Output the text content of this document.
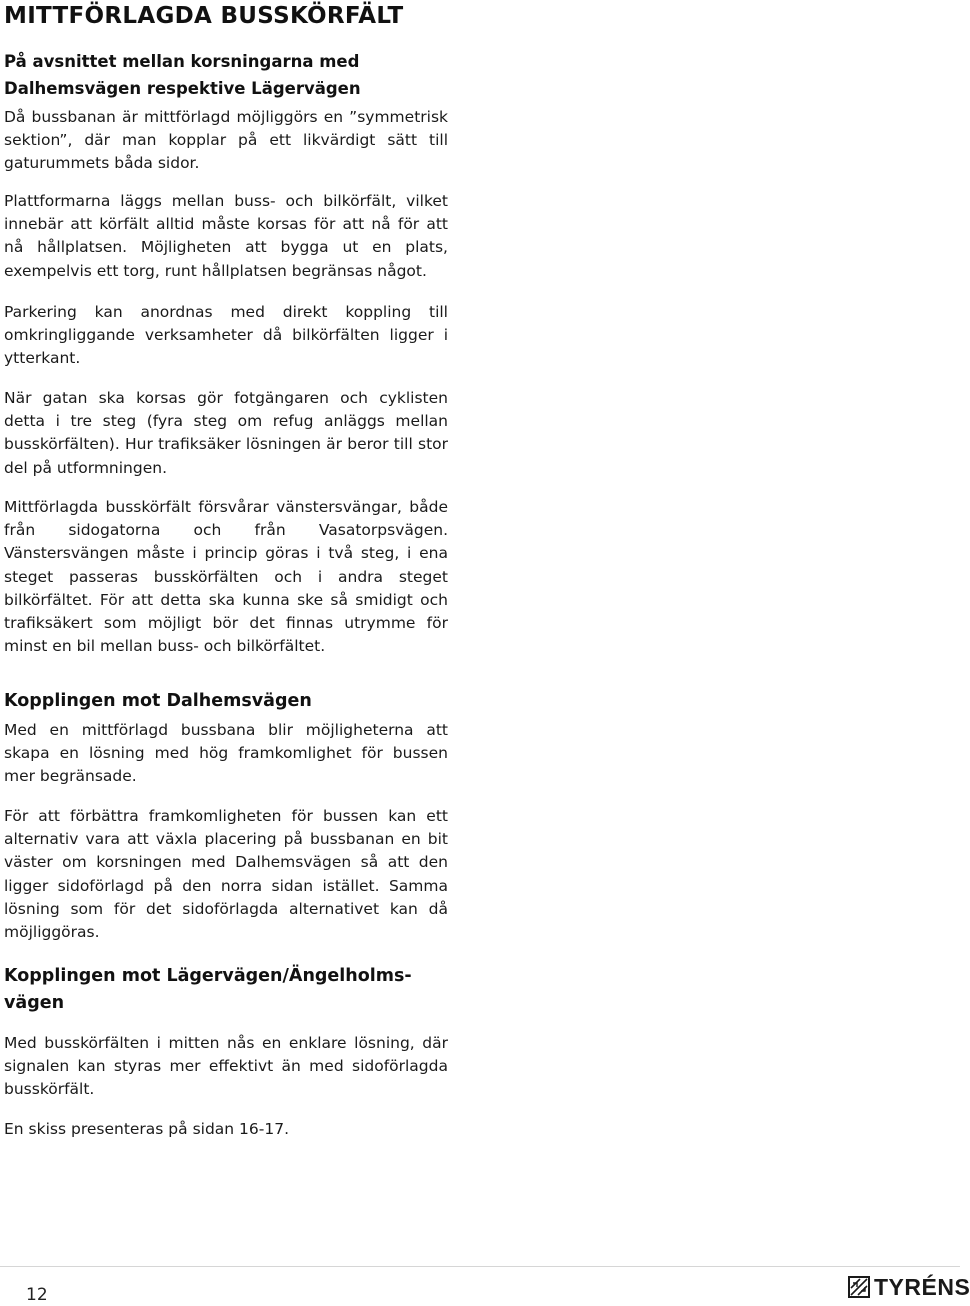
MITTFÖRLAGDA BUSSKÖRFÄLT
På avsnittet mellan korsningarna med
Dalhemsvägen respektive Lägervägen

Då bussbanan är mittförlagd möjliggörs en ”symmetrisk sektion”, där man kopplar på ett likvärdigt sätt till gaturummets båda sidor.

Plattformarna läggs mellan buss- och bilkörfält, vilket innebär att körfält alltid måste korsas för att nå för att nå hållplatsen. Möjligheten att bygga ut en plats, exempelvis ett torg, runt hållplatsen begränsas något.

Parkering kan anordnas med direkt koppling till omkringliggande verksamheter då bilkörfälten ligger i ytterkant.

När gatan ska korsas gör fotgängaren och cyklisten detta i tre steg (fyra steg om refug anläggs mellan busskörfälten). Hur trafiksäker lösningen är beror till stor del på utformningen.

Mittförlagda busskörfält försvårar vänstersvängar, både från sidogatorna och från Vasatorpsvägen. Vänstersvängen måste i princip göras i två steg, i ena steget passeras busskörfälten och i andra steget bilkörfältet. För att detta ska kunna ske så smidigt och trafiksäkert som möjligt bör det finnas utrymme för minst en bil mellan buss- och bilkörfältet.

Kopplingen mot Dalhemsvägen

Med en mittförlagd bussbana blir möjligheterna att skapa en lösning med hög framkomlighet för bussen mer begränsade.

För att förbättra framkomligheten för bussen kan ett alternativ vara att växla placering på bussbanan en bit väster om korsningen med Dalhemsvägen så att den ligger sidoförlagd på den norra sidan istället. Samma lösning som för det sidoförlagda alternativet kan då möjliggöras.

Kopplingen mot Lägervägen/Ängelholms-
vägen

Med busskörfälten i mitten nås en enklare lösning, där signalen kan styras mer effektivt än med sidoförlagda busskörfält.

En skiss presenteras på sidan 16-17.

12	TYRÉNS
